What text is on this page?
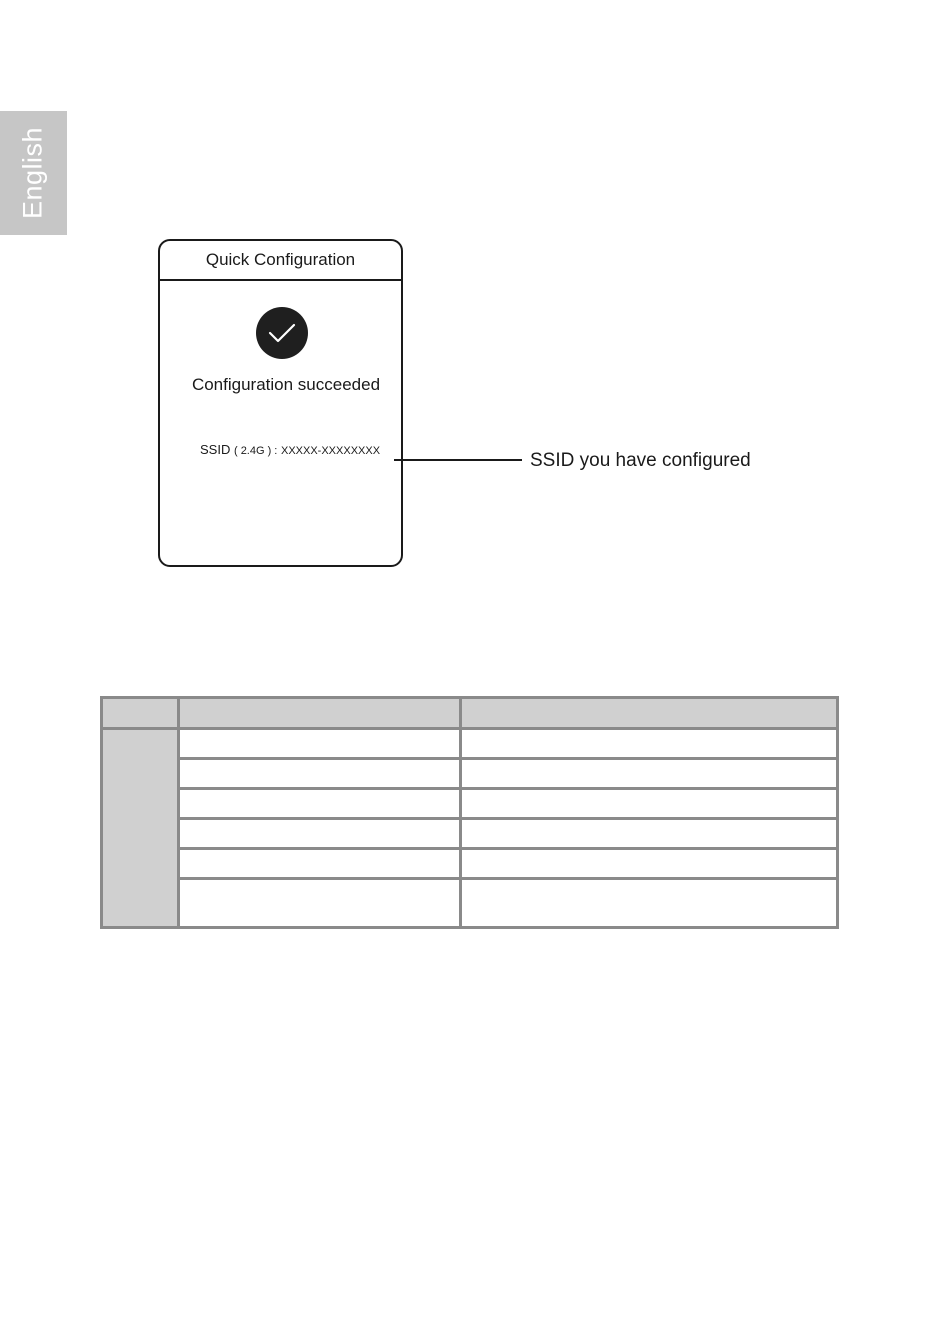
English
Quick Configuration
Configuration succeeded
SSID ( 2.4G ) : XXXXX-XXXXXXXX	SSID you have configured
